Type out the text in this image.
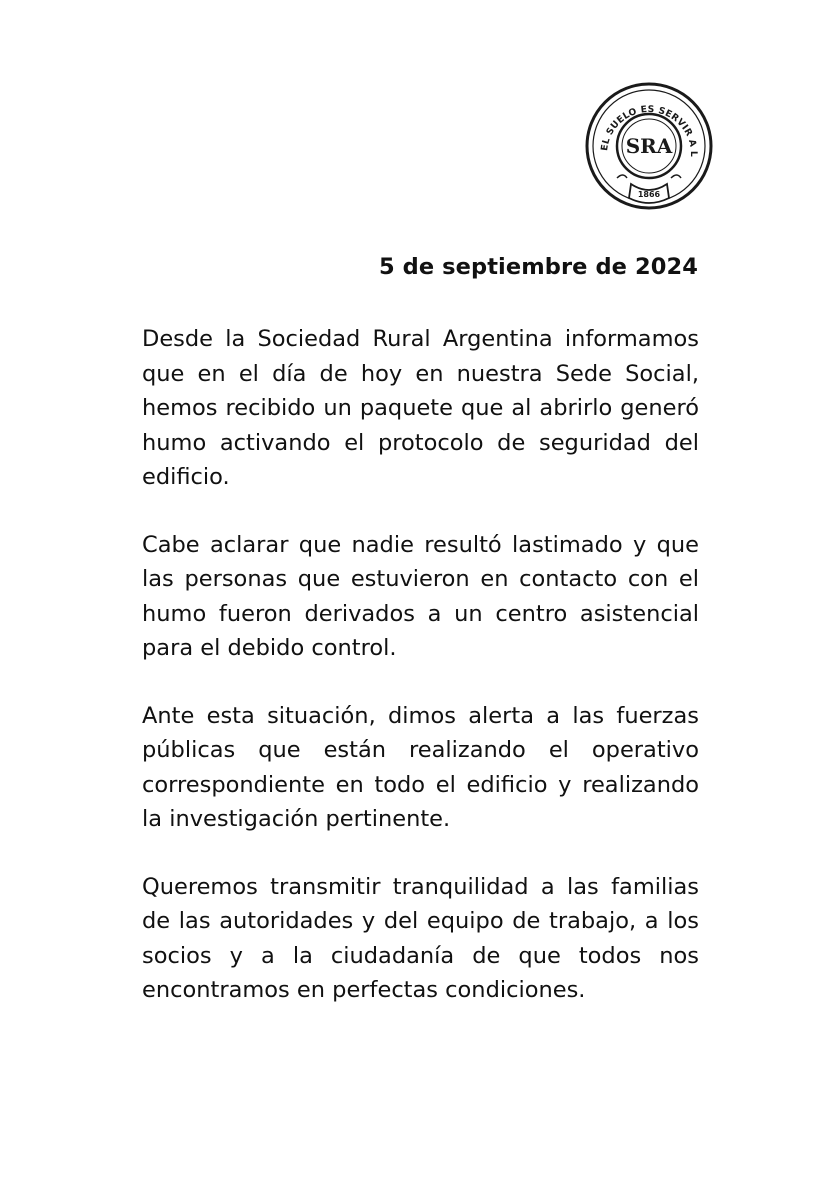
EL SUELO ES SERVIR A L
SRA
1866
5 de septiembre de 2024

Desde la Sociedad Rural Argentina informamos que en el día de hoy en nuestra Sede Social, hemos recibido un paquete que al abrirlo generó humo activando el protocolo de seguridad del edificio.

Cabe aclarar que nadie resultó lastimado y que las personas que estuvieron en contacto con el humo fueron derivados a un centro asistencial para el debido control.

Ante esta situación, dimos alerta a las fuerzas públicas que están realizando el operativo correspondiente en todo el edificio y realizando la investigación pertinente.

Queremos transmitir tranquilidad a las familias de las autoridades y del equipo de trabajo, a los socios y a la ciudadanía de que todos nos encontramos en perfectas condiciones.
